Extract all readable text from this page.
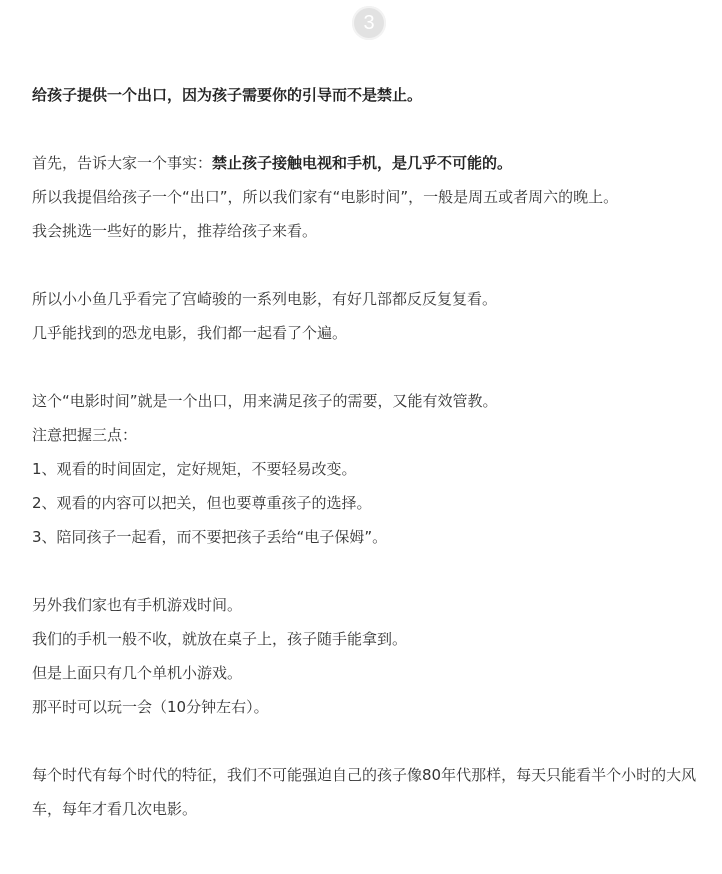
3

给孩子提供一个出口，因为孩子需要你的引导而不是禁止。

首先，告诉大家一个事实：禁止孩子接触电视和手机，是几乎不可能的。

所以我提倡给孩子一个“出口”，所以我们家有“电影时间”，一般是周五或者周六的晚上。

我会挑选一些好的影片，推荐给孩子来看。

所以小小鱼几乎看完了宫崎骏的一系列电影，有好几部都反反复复看。

几乎能找到的恐龙电影，我们都一起看了个遍。

这个“电影时间”就是一个出口，用来满足孩子的需要，又能有效管教。

注意把握三点：

1、观看的时间固定，定好规矩，不要轻易改变。

2、观看的内容可以把关，但也要尊重孩子的选择。

3、陪同孩子一起看，而不要把孩子丢给“电子保姆”。

另外我们家也有手机游戏时间。

我们的手机一般不收，就放在桌子上，孩子随手能拿到。

但是上面只有几个单机小游戏。

那平时可以玩一会（10分钟左右）。

每个时代有每个时代的特征，我们不可能强迫自己的孩子像80年代那样，每天只能看半个小时的大风车，每年才看几次电影。
